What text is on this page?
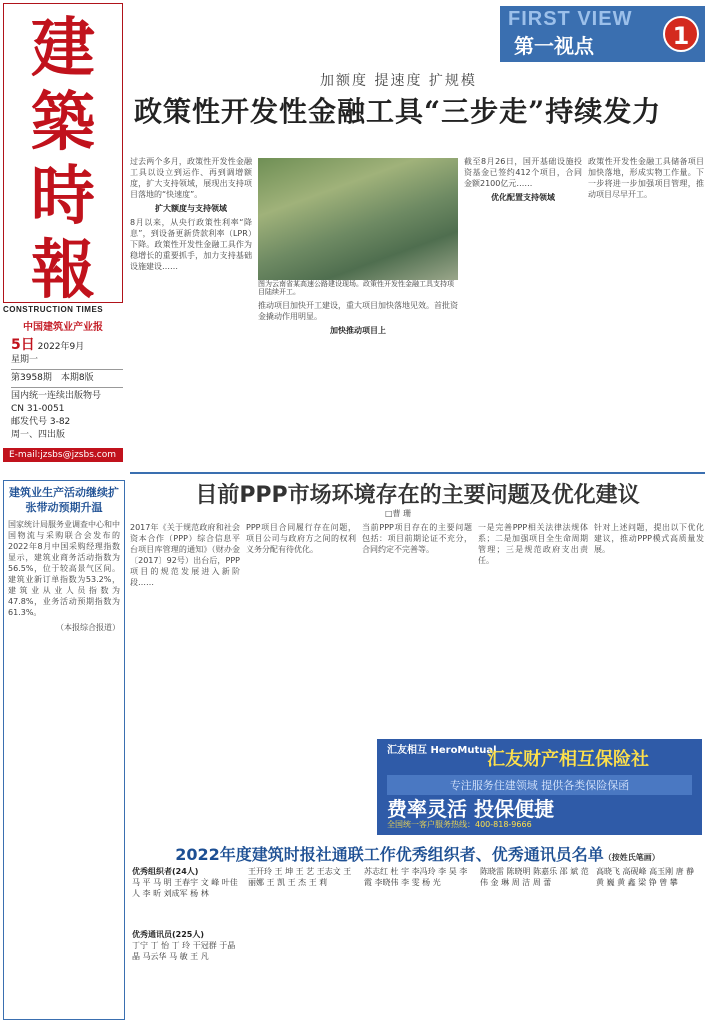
建
築
時
報
CONSTRUCTION TIMES
中国建筑业产业报
5日 2022年9月
星期一
第3958期　 本期8版
国内统一连续出版物号
CN 31-0051
邮发代号 3-82
周一、四出版
E-mail:jzsbs@jzsbs.com
FIRST VIEW
第一视点	1
加额度 提速度 扩规模
政策性开发性金融工具“三步走”持续发力
过去两个多月，政策性开发性金融工具以设立到运作、再到调增额度，扩大支持领域，展现出支持项目落地的“快速度”。
扩大额度与支持领域
8月以来，从央行政策性利率“降息”，到设备更新贷款利率（LPR）下降。政策性开发性金融工具作为稳增长的重要抓手，加力支持基础设施建设……
图为云南省某高速公路建设现场。政策性开发性金融工具支持项目陆续开工。
推动项目加快开工建设，重大项目加快落地见效。首批资金撬动作用明显。
加快推动项目上
截至8月26日，国开基础设施投资基金已签约412个项目，合同金额2100亿元……
优化配置支持领域
政策性开发性金融工具储备项目加快落地，形成实物工作量。下一步将进一步加强项目管理，推动项目尽早开工。
建筑业生产活动继续扩张带动预期升温
国家统计局服务业调查中心和中国物流与采购联合会发布的2022年8月中国采购经理指数显示，建筑业商务活动指数为56.5%，位于较高景气区间。建筑业新订单指数为53.2%，建筑业从业人员指数为47.8%，业务活动预期指数为61.3%。
（本报综合报道）
目前PPP市场环境存在的主要问题及优化建议
□曹 珊
2017年《关于规范政府和社会资本合作（PPP）综合信息平台项目库管理的通知》（财办金〔2017〕92号）出台后，PPP项目的规范发展进入新阶段……
PPP项目合同履行存在问题，项目公司与政府方之间的权利义务分配有待优化。
当前PPP项目存在的主要问题包括：项目前期论证不充分，合同约定不完善等。
一是完善PPP相关法律法规体系；二是加强项目全生命周期管理；三是规范政府支出责任。
针对上述问题，提出以下优化建议，推动PPP模式高质量发展。
汇友相互 HeroMutual
汇友财产相互保险社
专注服务住建领域 提供各类保险保函
费率灵活 投保便捷
全国统一客户服务热线：400-818-9666
2022年度建筑时报社通联工作优秀组织者、优秀通讯员名单（按姓氏笔画）
优秀组织者(24人)
马 平 马 明 王春宇 文 峰 叶佳人 李 昕 刘成军 杨 林
优秀通讯员(225人)
丁宁 丁 怡 丁 玲 干冠群 于晶晶 马云华 马 敏 王 凡
王开玲 王 坤 王 艺 王志文 王丽娜 王 凯 王 杰 王 莉
苏志红 杜 宇 李冯玲 李 昊 李 霞 李晓伟 李 雯 杨 光
陈晓雷 陈晓明 陈嘉乐 邵 斌 范 伟 金 琳 周 洁 周 蕾
高晓飞 高砚峰 高玉刚 唐 静 黄 巍 黄 鑫 梁 铮 曾 攀
